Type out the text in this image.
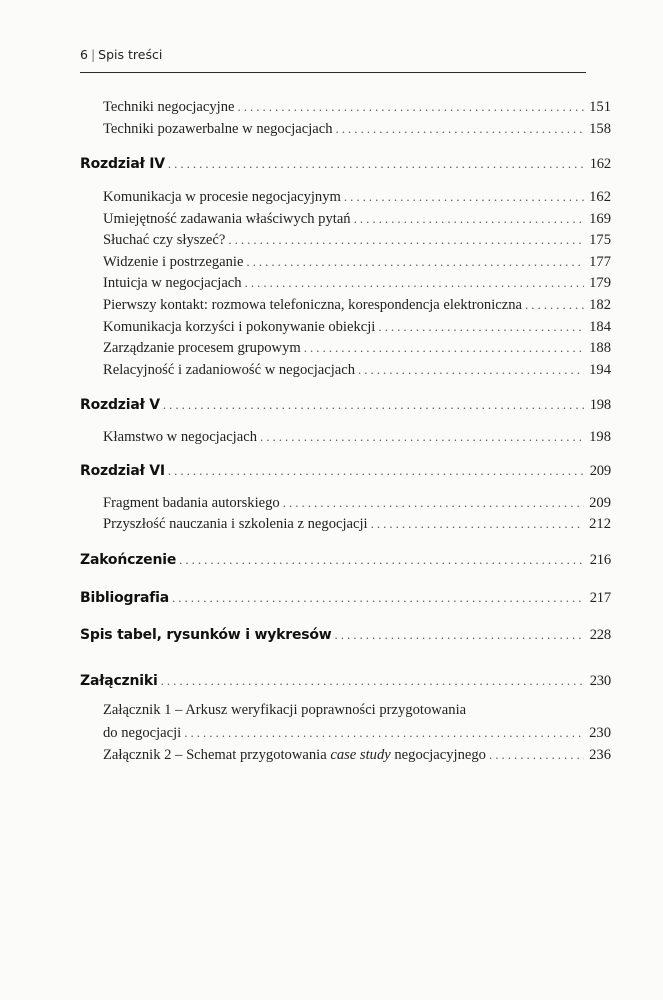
6 | Spis treści
Techniki negocjacyjne .....	151
Techniki pozawerbalne w negocjacjach .....	158
Rozdział IV .....	162
Komunikacja w procesie negocjacyjnym .....	162
Umiejętność zadawania właściwych pytań .....	169
Słuchać czy słyszeć? .....	175
Widzenie i postrzeganie .....	177
Intuicja w negocjacjach .....	179
Pierwszy kontakt: rozmowa telefoniczna, korespondencja elektroniczna .....	182
Komunikacja korzyści i pokonywanie obiekcji .....	184
Zarządzanie procesem grupowym .....	188
Relacyjność i zadaniowość w negocjacjach .....	194
Rozdział V .....	198
Kłamstwo w negocjacjach .....	198
Rozdział VI .....	209
Fragment badania autorskiego .....	209
Przyszłość nauczania i szkolenia z negocjacji .....	212
Zakończenie .....	216
Bibliografia .....	217
Spis tabel, rysunków i wykresów .....	228
Załączniki .....	230
Załącznik 1 – Arkusz weryfikacji poprawności przygotowania
do negocjacji .....	230
Załącznik 2 – Schemat przygotowania case study negocjacyjnego .....	236
